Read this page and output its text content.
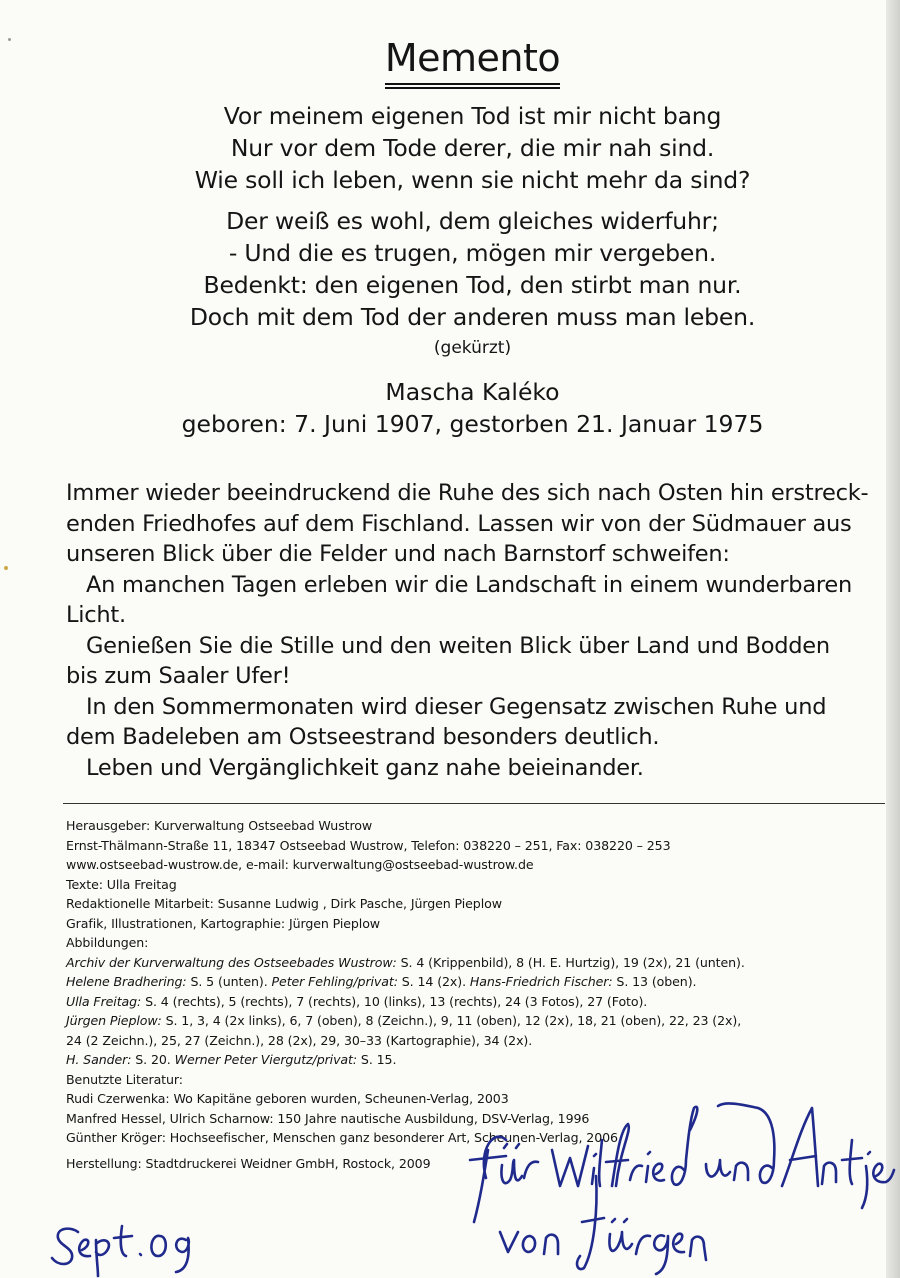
Memento
Vor meinem eigenen Tod ist mir nicht bang
Nur vor dem Tode derer, die mir nah sind.
Wie soll ich leben, wenn sie nicht mehr da sind?
Der weiß es wohl, dem gleiches widerfuhr;
- Und die es trugen, mögen mir vergeben.
Bedenkt: den eigenen Tod, den stirbt man nur.
Doch mit dem Tod der anderen muss man leben.
(gekürzt)
Mascha Kaléko
geboren: 7. Juni 1907, gestorben 21. Januar 1975
Immer wieder beeindruckend die Ruhe des sich nach Osten hin erstreck-
enden Friedhofes auf dem Fischland. Lassen wir von der Südmauer aus
unseren Blick über die Felder und nach Barnstorf schweifen:
An manchen Tagen erleben wir die Landschaft in einem wunderbaren
Licht.
Genießen Sie die Stille und den weiten Blick über Land und Bodden
bis zum Saaler Ufer!
In den Sommermonaten wird dieser Gegensatz zwischen Ruhe und
dem Badeleben am Ostseestrand besonders deutlich.
Leben und Vergänglichkeit ganz nahe beieinander.
Herausgeber: Kurverwaltung Ostseebad Wustrow
Ernst-Thälmann-Straße 11, 18347 Ostseebad Wustrow, Telefon: 038220 – 251, Fax: 038220 – 253
www.ostseebad-wustrow.de, e-mail: kurverwaltung@ostseebad-wustrow.de
Texte: Ulla Freitag
Redaktionelle Mitarbeit: Susanne Ludwig , Dirk Pasche, Jürgen Pieplow
Grafik, Illustrationen, Kartographie: Jürgen Pieplow
Abbildungen:
Archiv der Kurverwaltung des Ostseebades Wustrow: S. 4 (Krippenbild), 8 (H. E. Hurtzig), 19 (2x), 21 (unten).
Helene Bradhering: S. 5 (unten). Peter Fehling/privat: S. 14 (2x). Hans-Friedrich Fischer: S. 13 (oben).
Ulla Freitag: S. 4 (rechts), 5 (rechts), 7 (rechts), 10 (links), 13 (rechts), 24 (3 Fotos), 27 (Foto).
Jürgen Pieplow: S. 1, 3, 4 (2x links), 6, 7 (oben), 8 (Zeichn.), 9, 11 (oben), 12 (2x), 18, 21 (oben), 22, 23 (2x),
24 (2 Zeichn.), 25, 27 (Zeichn.), 28 (2x), 29, 30–33 (Kartographie), 34 (2x).
H. Sander: S. 20. Werner Peter Viergutz/privat: S. 15.
Benutzte Literatur:
Rudi Czerwenka: Wo Kapitäne geboren wurden, Scheunen-Verlag, 2003
Manfred Hessel, Ulrich Scharnow: 150 Jahre nautische Ausbildung, DSV-Verlag, 1996
Günther Kröger: Hochseefischer, Menschen ganz besonderer Art, Scheunen-Verlag, 2006
Herstellung: Stadtdruckerei Weidner GmbH, Rostock, 2009
